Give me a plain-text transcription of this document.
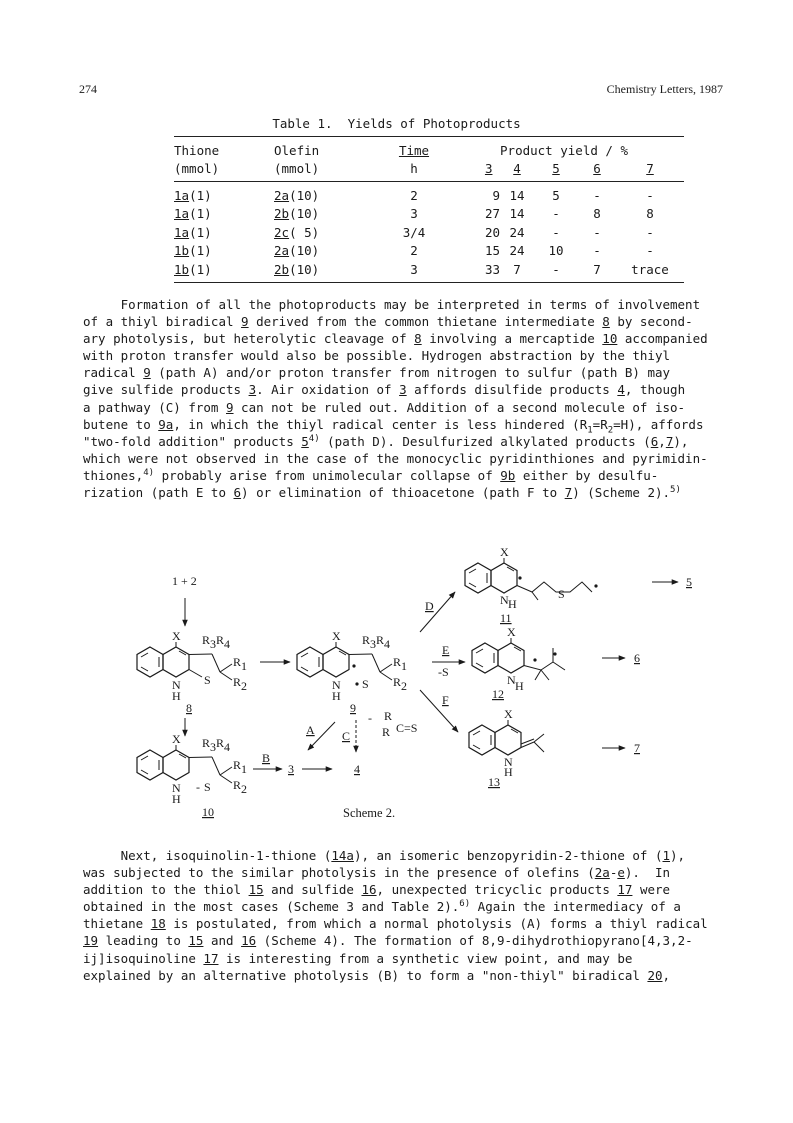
274	Chemistry Letters, 1987
Table 1.  Yields of Photoproducts
Thione	Olefin	Time	Product yield / %				
(mmol)	(mmol)	h	3	4	5	6	7
1a(1)	2a(10)	2	9	14	5	-	-
1a(1)	2b(10)	3	27	14	-	8	8
1a(1)	2c( 5)	3/4	20	24	-	-	-
1b(1)	2a(10)	2	15	24	10	-	-
1b(1)	2b(10)	3	33	7	-	7	trace
Formation of all the photoproducts may be interpreted in terms of involvement
of a thiyl biradical 9 derived from the common thietane intermediate 8 by second-
ary photolysis, but heterolytic cleavage of 8 involving a mercaptide 10 accompanied
with proton transfer would also be possible. Hydrogen abstraction by the thiyl
radical 9 (path A) and/or proton transfer from nitrogen to sulfur (path B) may
give sulfide products 3. Air oxidation of 3 affords disulfide products 4, though
a pathway (C) from 9 can not be ruled out. Addition of a second molecule of iso-
butene to 9a, in which the thiyl radical center is less hindered $(R_1=R_2=H)$, affords
"two-fold addition" products 5$^{4)}$ (path D). Desulfurized alkylated products (6,7),
which were not observed in the case of the monocyclic pyridinthiones and pyrimidin-
thiones,$^{4)}$ probably arise from unimolecular collapse of 9b either by desulfu-
rization (path E to 6) or elimination of thioacetone (path F to 7) (Scheme 2).$^{5)}$
1 + 2
X
N
H
S
R 3 R 4
R 1
R 2
8
X
N
H
S
R 3 R 4
R 1
R 2
9
D
E
-S
F
- R
R C=S
A C
X
N
H
- S
R 3 R 4
R 1
R 2
10
B
3	4
X
N H
S
11
5
X
N H
12
6
X
N
H
13
7
Scheme 2.
Next, isoquinolin-1-thione (14a), an isomeric benzopyridin-2-thione of (1),
was subjected to the similar photolysis in the presence of olefins (2a-e).  In
addition to the thiol 15 and sulfide 16, unexpected tricyclic products 17 were
obtained in the most cases (Scheme 3 and Table 2).$^{6)}$ Again the intermediacy of a
thietane 18 is postulated, from which a normal photolysis (A) forms a thiyl radical
19 leading to 15 and 16 (Scheme 4). The formation of 8,9-dihydrothiopyrano[4,3,2-
ij]isoquinoline 17 is interesting from a synthetic view point, and may be
explained by an alternative photolysis (B) to form a "non-thiyl" biradical 20,
